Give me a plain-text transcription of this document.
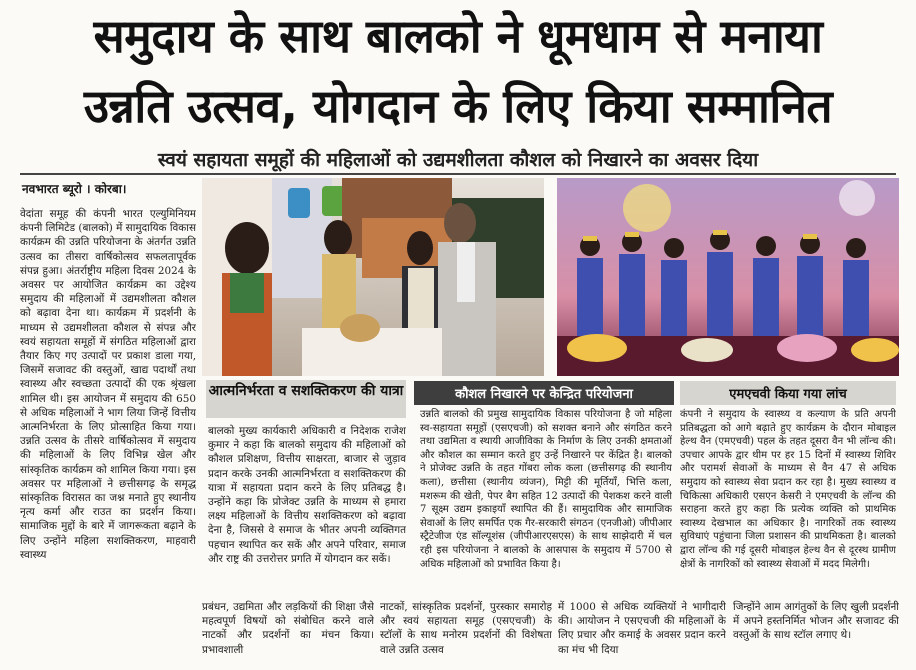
समुदाय के साथ बालको ने धूमधाम से मनाया
उन्नति उत्सव, योगदान के लिए किया सम्मानित
स्वयं सहायता समूहों की महिलाओं को उद्यमशीलता कौशल को निखारने का अवसर दिया
नवभारत ब्यूरो । कोरबा।
वेदांता समूह की कंपनी भारत एल्युमिनियम कंपनी लिमिटेड (बालको) में सामुदायिक विकास कार्यक्रम की उन्नति परियोजना के अंतर्गत उन्नति उत्सव का तीसरा वार्षिकोत्सव सफलतापूर्वक संपन्न हुआ। अंतर्राष्ट्रीय महिला दिवस 2024 के अवसर पर आयोजित कार्यक्रम का उद्देश्य समुदाय की महिलाओं में उद्यमशीलता कौशल को बढ़ावा देना था। कार्यक्रम में प्रदर्शनी के माध्यम से उद्यमशीलता कौशल से संपन्न और स्वयं सहायता समूहों में संगठित महिलाओं द्वारा तैयार किए गए उत्पादों पर प्रकाश डाला गया, जिसमें सजावट की वस्तुओं, खाद्य पदार्थों तथा स्वास्थ्य और स्वच्छता उत्पादों की एक श्रृंखला शामिल थी। इस आयोजन में समुदाय की 650 से अधिक महिलाओं ने भाग लिया जिन्हें वित्तीय आत्मनिर्भरता के लिए प्रोत्साहित किया गया। उन्नति उत्सव के तीसरे वार्षिकोत्सव में समुदाय की महिलाओं के लिए विभिन्न खेल और सांस्कृतिक कार्यक्रम को शामिल किया गया। इस अवसर पर महिलाओं ने छत्तीसगढ़ के समृद्ध सांस्कृतिक विरासत का जश्न मनाते हुए स्थानीय नृत्य कर्मा और राउत का प्रदर्शन किया। सामाजिक मुद्दों के बारे में जागरूकता बढ़ाने के लिए उन्होंने महिला सशक्तिकरण, माहवारी स्वास्थ्य
आत्मनिर्भरता व सशक्तिकरण की यात्रा
बालको मुख्य कार्यकारी अधिकारी व निदेशक राजेश कुमार ने कहा कि बालको समुदाय की महिलाओं को कौशल प्रशिक्षण, वित्तीय साक्षरता, बाजार से जुड़ाव प्रदान करके उनकी आत्मनिर्भरता व सशक्तिकरण की यात्रा में सहायता प्रदान करने के लिए प्रतिबद्ध है। उन्होंने कहा कि प्रोजेक्ट उन्नति के माध्यम से हमारा लक्ष्य महिलाओं के वित्तीय सशक्तिकरण को बढ़ावा देना है, जिससे वे समाज के भीतर अपनी व्यक्तिगत पहचान स्थापित कर सकें और अपने परिवार, समाज और राष्ट्र की उत्तरोत्तर प्रगति में योगदान कर सकें।
कौशल निखारने पर केन्द्रित परियोजना
उन्नति बालको की प्रमुख सामुदायिक विकास परियोजना है जो महिला स्व-सहायता समूहों (एसएचजी) को सशक्त बनाने और संगठित करने तथा उद्यमिता व स्थायी आजीविका के निर्माण के लिए उनकी क्षमताओं और कौशल का सम्मान करते हुए उन्हें निखारने पर केंद्रित है। बालको ने प्रोजेक्ट उन्नति के तहत गोंबरा लोक कला (छत्तीसगढ़ की स्थानीय कला), छत्तीसा (स्थानीय व्यंजन), मिट्टी की मूर्तियाँ, भित्ति कला, मशरूम की खेती, पेपर बैग सहित 12 उत्पादों की पेशकश करने वाली 7 सूक्ष्म उद्यम इकाइयाँ स्थापित की हैं। सामुदायिक और सामाजिक सेवाओं के लिए समर्पित एक गैर-सरकारी संगठन (एनजीओ) जीपीआर स्ट्रैटेजीज एंड सॉल्यूशंस (जीपीआरएसएस) के साथ साझेदारी में चल रही इस परियोजना ने बालको के आसपास के समुदाय में 5700 से अधिक महिलाओं को प्रभावित किया है।
एमएचवी किया गया लांच
कंपनी ने समुदाय के स्वास्थ्य व कल्याण के प्रति अपनी प्रतिबद्धता को आगे बढ़ाते हुए कार्यक्रम के दौरान मोबाइल हेल्थ वैन (एमएचवी) पहल के तहत दूसरा वैन भी लॉन्च की। उपचार आपके द्वार थीम पर हर 15 दिनों में स्वास्थ्य शिविर और परामर्श सेवाओं के माध्यम से वैन 47 से अधिक समुदाय को स्वास्थ्य सेवा प्रदान कर रहा है। मुख्य स्वास्थ्य व चिकित्सा अधिकारी एसएन केसरी ने एमएचवी के लॉन्च की सराहना करते हुए कहा कि प्रत्येक व्यक्ति को प्राथमिक स्वास्थ्य देखभाल का अधिकार है। नागरिकों तक स्वास्थ्य सुविधाएं पहुंचाना जिला प्रशासन की प्राथमिकता है। बालको द्वारा लॉन्च की गई दूसरी मोबाइल हेल्थ वैन से दूरस्थ ग्रामीण क्षेत्रों के नागरिकों को स्वास्थ्य सेवाओं में मदद मिलेगी।
प्रबंधन, उद्यमिता और लड़कियों की शिक्षा जैसे महत्वपूर्ण विषयों को संबोधित करने वाले नाटकों और प्रदर्शनों का मंचन किया। प्रभावशाली
नाटकों, सांस्कृतिक प्रदर्शनों, पुरस्कार समारोह और स्वयं सहायता समूह (एसएचजी) के स्टॉलों के साथ मनोरम प्रदर्शनों की विशेषता वाले उन्नति उत्सव
में 1000 से अधिक व्यक्तियों ने भागीदारी की। आयोजन ने एसएचजी की महिलाओं के लिए प्रचार और कमाई के अवसर प्रदान करने का मंच भी दिया
जिन्होंने आम आगंतुकों के लिए खुली प्रदर्शनी में अपने हस्तनिर्मित भोजन और सजावट की वस्तुओं के साथ स्टॉल लगाए थे।
